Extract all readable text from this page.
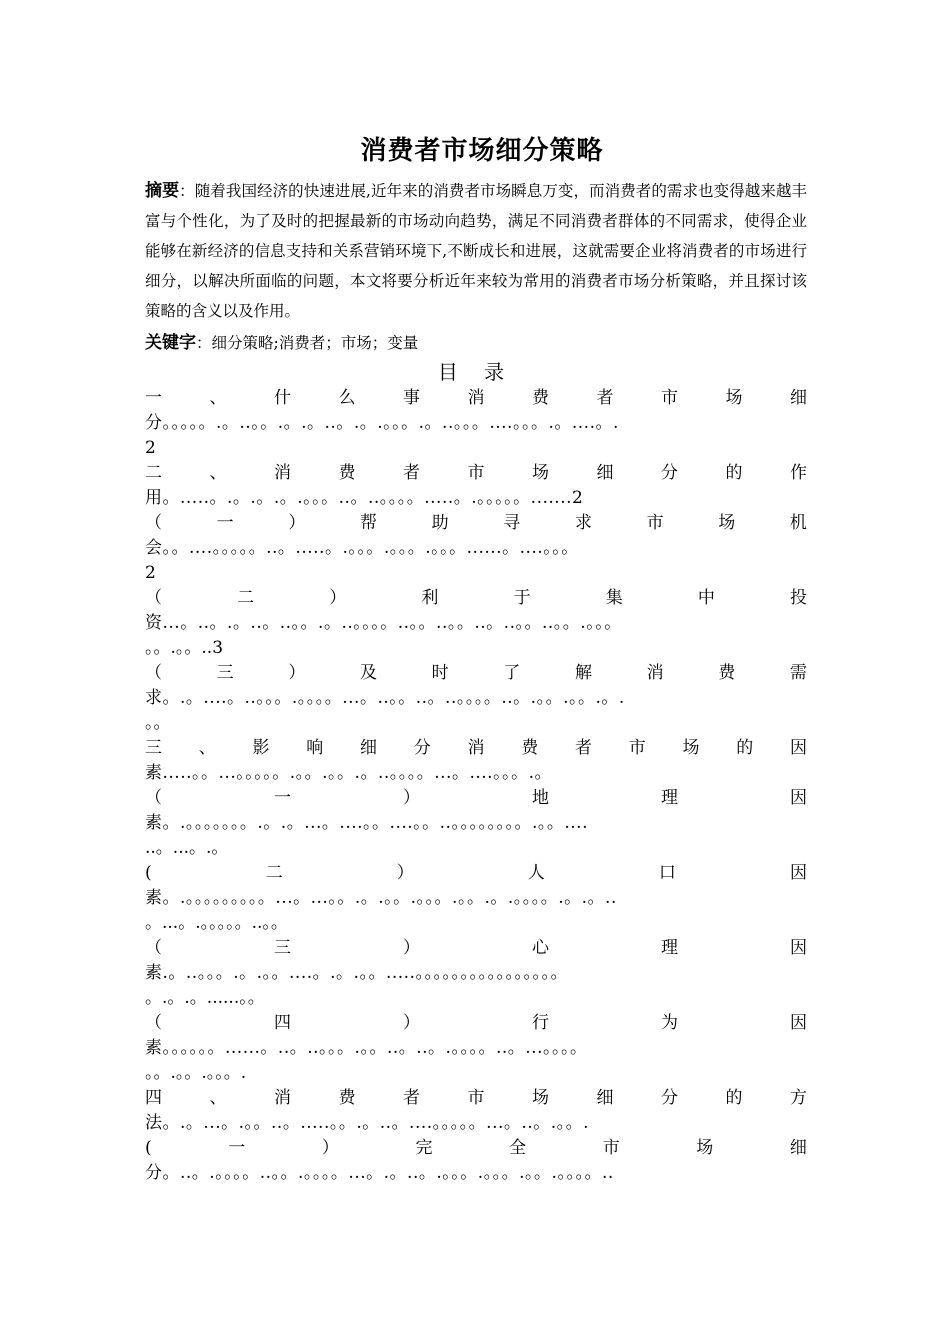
消费者市场细分策略
摘要：随着我国经济的快速进展,近年来的消费者市场瞬息万变，而消费者的需求也变得越来越丰富与个性化，为了及时的把握最新的市场动向趋势，满足不同消费者群体的不同需求，使得企业能够在新经济的信息支持和关系营销环境下,不断成长和进展，这就需要企业将消费者的市场进行细分，以解决所面临的问题，本文将要分析近年来较为常用的消费者市场分析策略，并且探讨该策略的含义以及作用。
关键字：细分策略;消费者；市场；变量
目 录
一	、	什	么	事	消	费	者	市	场	细
分。。。。。.。..。。.。.。..。.。.。。。.。..。。。....。。。.。....。.
2
二	、	消	费	者	市	场	细	分	的	作
用。.....。.。.。.。.。。。..。..。。。。.....。.。。。。。.......2
（	一	）	帮	助	寻	求	市	场	机
会。。....。。。。。..。.....。.。。。.。。。.。。。......。....。。。
2
（	二	）	利	于	集	中	投
资...。..。.。..。..。。.。..。。。。..。。..。。..。..。。..。。.。。。
。。.。。..3
（	三	）	及	时	了	解	消	费	需
求。.。....。..。。。.。。。。...。..。。..。..。。。。..。.。。.。。.。.
。。
三 、 影 响 细 分 消 费 者 市 场 的 因
素.....。。...。。。。。.。。.。。.。..。。。。...。....。。。.。
（	一	）	地	理	因
素。.。。。。。。。.。.。...。....。。....。。..。。。。。。。。.。。....
..。...。.。
(	二	）	人	口	因
素。.。。。。。。。。。...。...。。.。.。。.。。。.。。.。.。。。。.。.。..
。...。.。。。。。..。。
（	三	）	心	理	因
素.。..。。。.。.。。....。.。.。。.....。。。。。。。。。。。。。。。。
。.。.。......。。
（	四	）	行	为	因
素。。。。。。......。..。..。。。.。。..。..。.。。。。..。...。。。。
。。.。。.。。。.
四	、	消	费	者	市	场	细	分	的	方
法。.。...。.。。..。.....。。.。..。....。。。。。...。..。.。。.
(	一	）	完	全	市	场	细
分。..。.。。。。..。。.。。。。...。.。..。.。。。.。。。.。。.。。。。..
